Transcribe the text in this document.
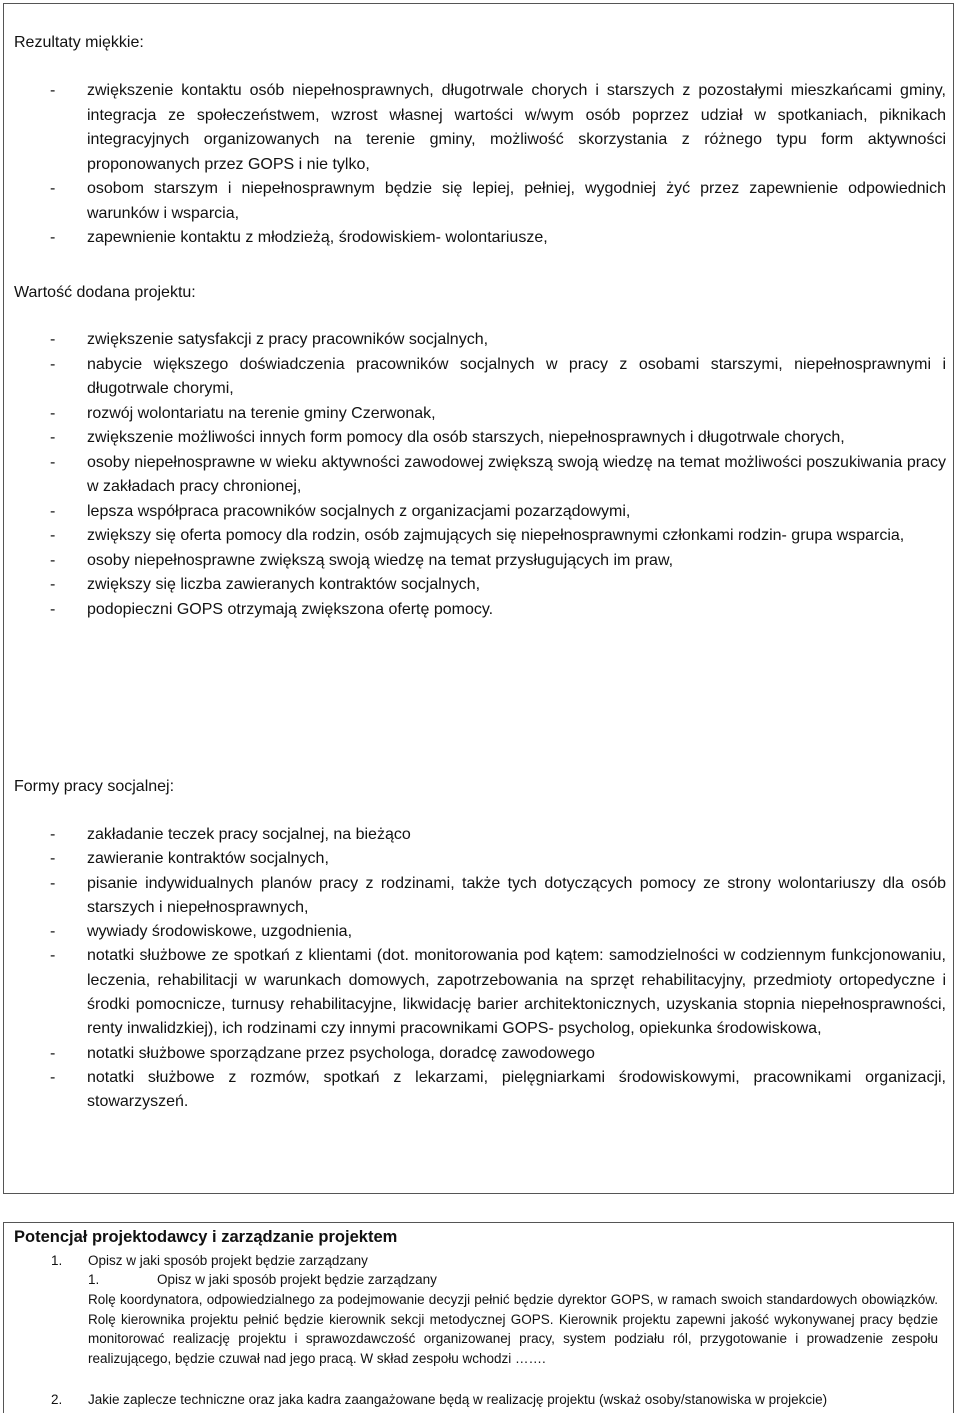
Rezultaty miękkie:
- zwiększenie kontaktu osób niepełnosprawnych, długotrwale chorych i starszych z pozostałymi mieszkańcami gminy, integracja ze społeczeństwem, wzrost własnej wartości w/wym osób poprzez udział w spotkaniach, piknikach integracyjnych organizowanych na terenie gminy, możliwość skorzystania z różnego typu form aktywności proponowanych przez GOPS i nie tylko,
- osobom starszym i niepełnosprawnym będzie się lepiej, pełniej, wygodniej żyć przez zapewnienie odpowiednich warunków i wsparcia,
- zapewnienie kontaktu z młodzieżą, środowiskiem- wolontariusze,
Wartość dodana projektu:
- zwiększenie satysfakcji z pracy pracowników socjalnych,
- nabycie większego doświadczenia pracowników socjalnych w pracy z osobami starszymi, niepełnosprawnymi i długotrwale chorymi,
- rozwój wolontariatu na terenie gminy Czerwonak,
- zwiększenie możliwości innych form pomocy dla osób starszych, niepełnosprawnych i długotrwale chorych,
- osoby niepełnosprawne w wieku aktywności zawodowej zwiększą swoją wiedzę na temat możliwości poszukiwania pracy w zakładach pracy chronionej,
- lepsza współpraca pracowników socjalnych z organizacjami pozarządowymi,
- zwiększy się oferta pomocy dla rodzin, osób zajmujących się niepełnosprawnymi członkami rodzin- grupa wsparcia,
- osoby niepełnosprawne zwiększą swoją wiedzę na temat przysługujących im praw,
- zwiększy się liczba zawieranych kontraktów socjalnych,
- podopieczni GOPS otrzymają zwiększona ofertę pomocy.
Formy pracy socjalnej:
- zakładanie teczek pracy socjalnej, na bieżąco
- zawieranie kontraktów socjalnych,
- pisanie indywidualnych planów pracy z rodzinami, także tych dotyczących pomocy ze strony wolontariuszy dla osób starszych i niepełnosprawnych,
- wywiady środowiskowe, uzgodnienia,
- notatki służbowe ze spotkań z klientami (dot. monitorowania pod kątem: samodzielności w codziennym funkcjonowaniu, leczenia, rehabilitacji w warunkach domowych, zapotrzebowania na sprzęt rehabilitacyjny, przedmioty ortopedyczne i środki pomocnicze, turnusy rehabilitacyjne, likwidację barier architektonicznych, uzyskania stopnia niepełnosprawności, renty inwalidzkiej), ich rodzinami czy innymi pracownikami GOPS- psycholog, opiekunka środowiskowa,
- notatki służbowe sporządzane przez psychologa, doradcę zawodowego
- notatki służbowe z rozmów, spotkań z lekarzami, pielęgniarkami środowiskowymi, pracownikami organizacji, stowarzyszeń.
Potencjał projektodawcy i zarządzanie projektem
1. Opisz w jaki sposób projekt będzie zarządzany
1.	Opisz w jaki sposób projekt będzie zarządzany
Rolę koordynatora, odpowiedzialnego za podejmowanie decyzji pełnić będzie dyrektor GOPS, w ramach swoich standardowych obowiązków. Rolę kierownika projektu pełnić będzie kierownik sekcji metodycznej GOPS. Kierownik projektu zapewni jakość wykonywanej pracy będzie monitorować realizację projektu i sprawozdawczość organizowanej pracy, system podziału ról, przygotowanie i prowadzenie zespołu realizującego, będzie czuwał nad jego pracą. W skład zespołu wchodzi …….
2. Jakie zaplecze techniczne oraz jaka kadra zaangażowane będą w realizację projektu (wskaż osoby/stanowiska w projekcie)
